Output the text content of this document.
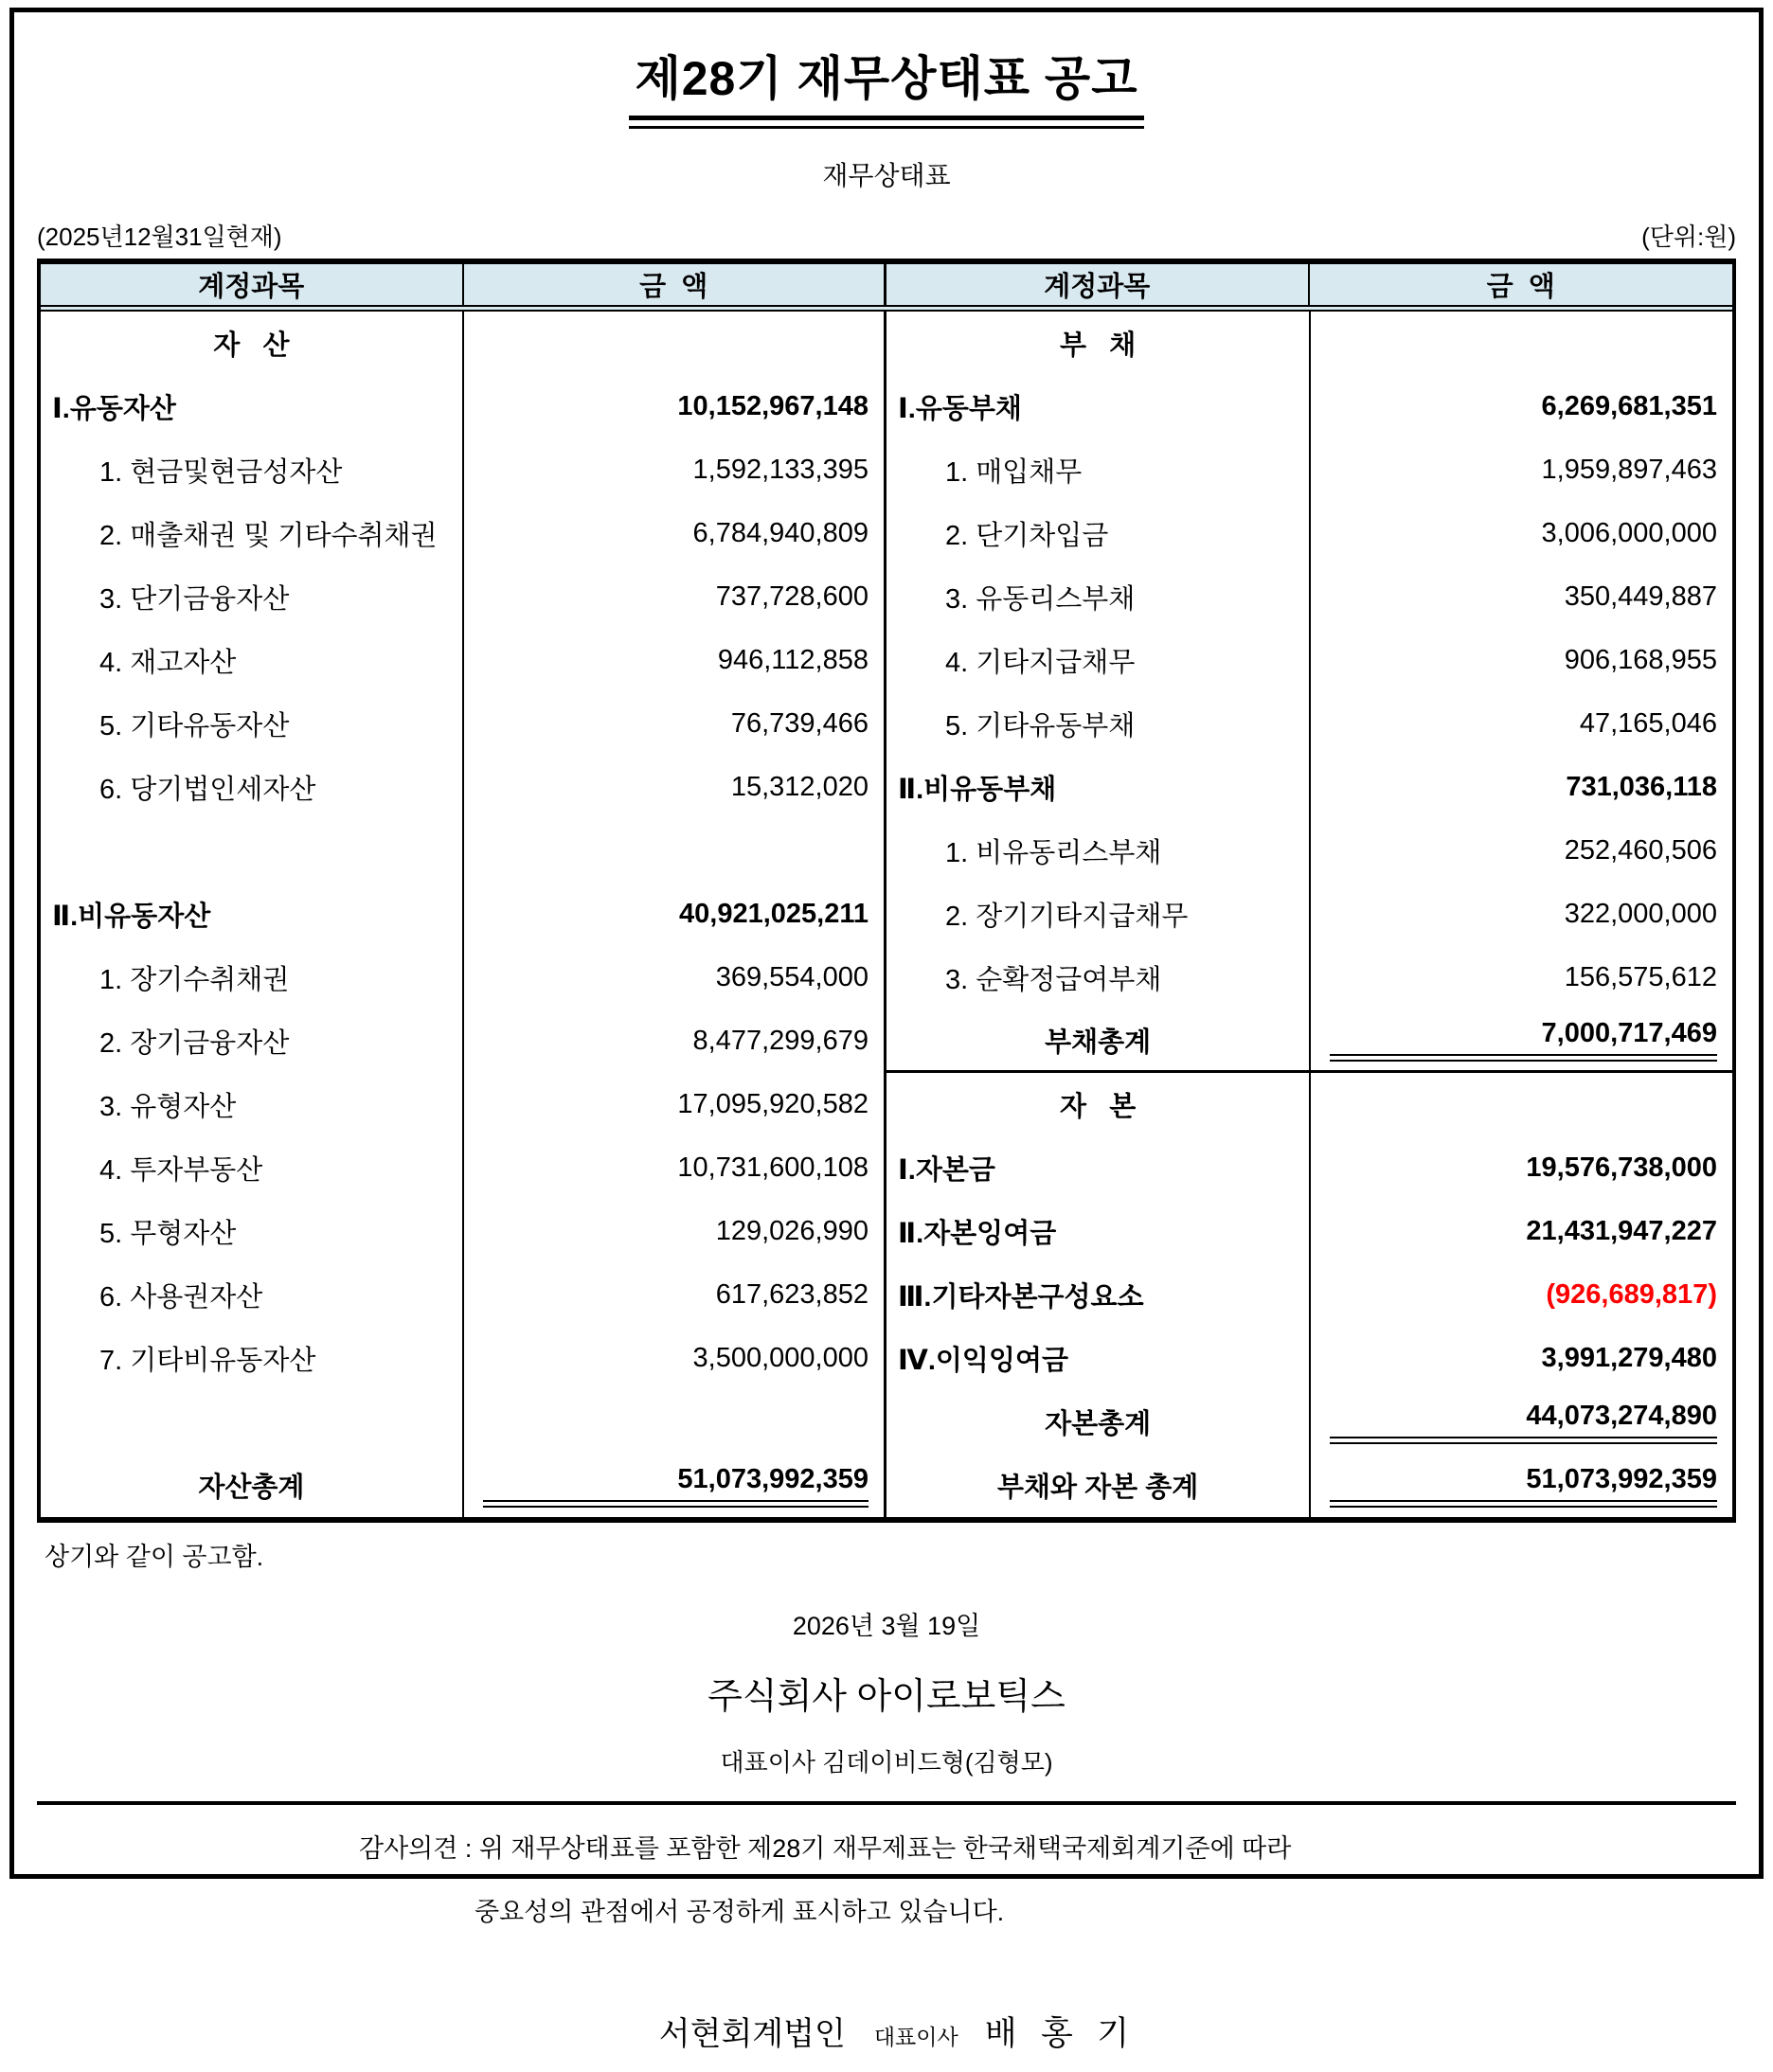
제28기 재무상태표 공고
재무상태표
(2025년12월31일현재)	(단위:원)
계정과목	금  액	계정과목	금  액
자   산
Ⅰ.유동자산	10,152,967,148
1. 현금및현금성자산	1,592,133,395
2. 매출채권 및 기타수취채권	6,784,940,809
3. 단기금융자산	737,728,600
4. 재고자산	946,112,858
5. 기타유동자산	76,739,466
6. 당기법인세자산	15,312,020
Ⅱ.비유동자산	40,921,025,211
1. 장기수취채권	369,554,000
2. 장기금융자산	8,477,299,679
3. 유형자산	17,095,920,582
4. 투자부동산	10,731,600,108
5. 무형자산	129,026,990
6. 사용권자산	617,623,852
7. 기타비유동자산	3,500,000,000
자산총계	51,073,992,359
부   채
Ⅰ.유동부채	6,269,681,351
1. 매입채무	1,959,897,463
2. 단기차입금	3,006,000,000
3. 유동리스부채	350,449,887
4. 기타지급채무	906,168,955
5. 기타유동부채	47,165,046
Ⅱ.비유동부채	731,036,118
1. 비유동리스부채	252,460,506
2. 장기기타지급채무	322,000,000
3. 순확정급여부채	156,575,612
부채총계	7,000,717,469
자   본
Ⅰ.자본금	19,576,738,000
Ⅱ.자본잉여금	21,431,947,227
Ⅲ.기타자본구성요소	(926,689,817)
Ⅳ.이익잉여금	3,991,279,480
자본총계	44,073,274,890
부채와 자본 총계	51,073,992,359
상기와 같이 공고함.
2026년 3월 19일
주식회사 아이로보틱스
대표이사 김데이비드형(김형모)
감사의견 : 위 재무상태표를 포함한 제28기 재무제표는 한국채택국제회계기준에 따라
중요성의 관점에서 공정하게 표시하고 있습니다.

서현회계법인 대표이사 배  홍  기
